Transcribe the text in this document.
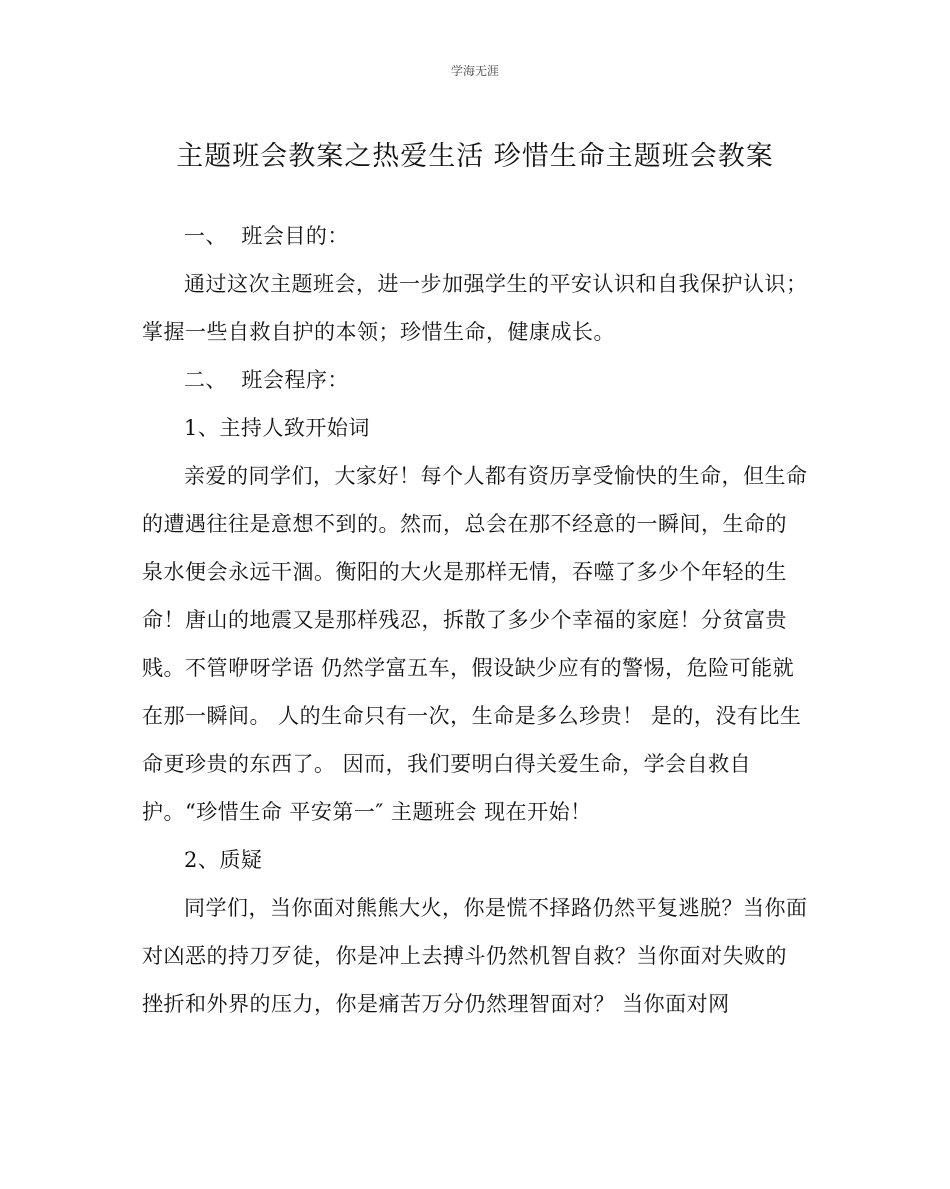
学海无涯
主题班会教案之热爱生活 珍惜生命主题班会教案

一、  班会目的：

通过这次主题班会，进一步加强学生的平安认识和自我保护认识；掌握一些自救自护的本领；珍惜生命，健康成长。

二、  班会程序：

1、主持人致开始词

亲爱的同学们，大家好！每个人都有资历享受愉快的生命，但生命的遭遇往往是意想不到的。然而，总会在那不经意的一瞬间，生命的泉水便会永远干涸。衡阳的大火是那样无情，吞噬了多少个年轻的生命！唐山的地震又是那样残忍，拆散了多少个幸福的家庭！分贫富贵贱。不管咿呀学语 仍然学富五车，假设缺少应有的警惕，危险可能就在那一瞬间。 人的生命只有一次，生命是多么珍贵！ 是的，没有比生命更珍贵的东西了。 因而，我们要明白得关爱生命，学会自救自护。“珍惜生命 平安第一″ 主题班会 现在开始！

2、质疑

同学们，当你面对熊熊大火，你是慌不择路仍然平复逃脱？当你面对凶恶的持刀歹徒，你是冲上去搏斗仍然机智自救？当你面对失败的挫折和外界的压力，你是痛苦万分仍然理智面对？ 当你面对网
